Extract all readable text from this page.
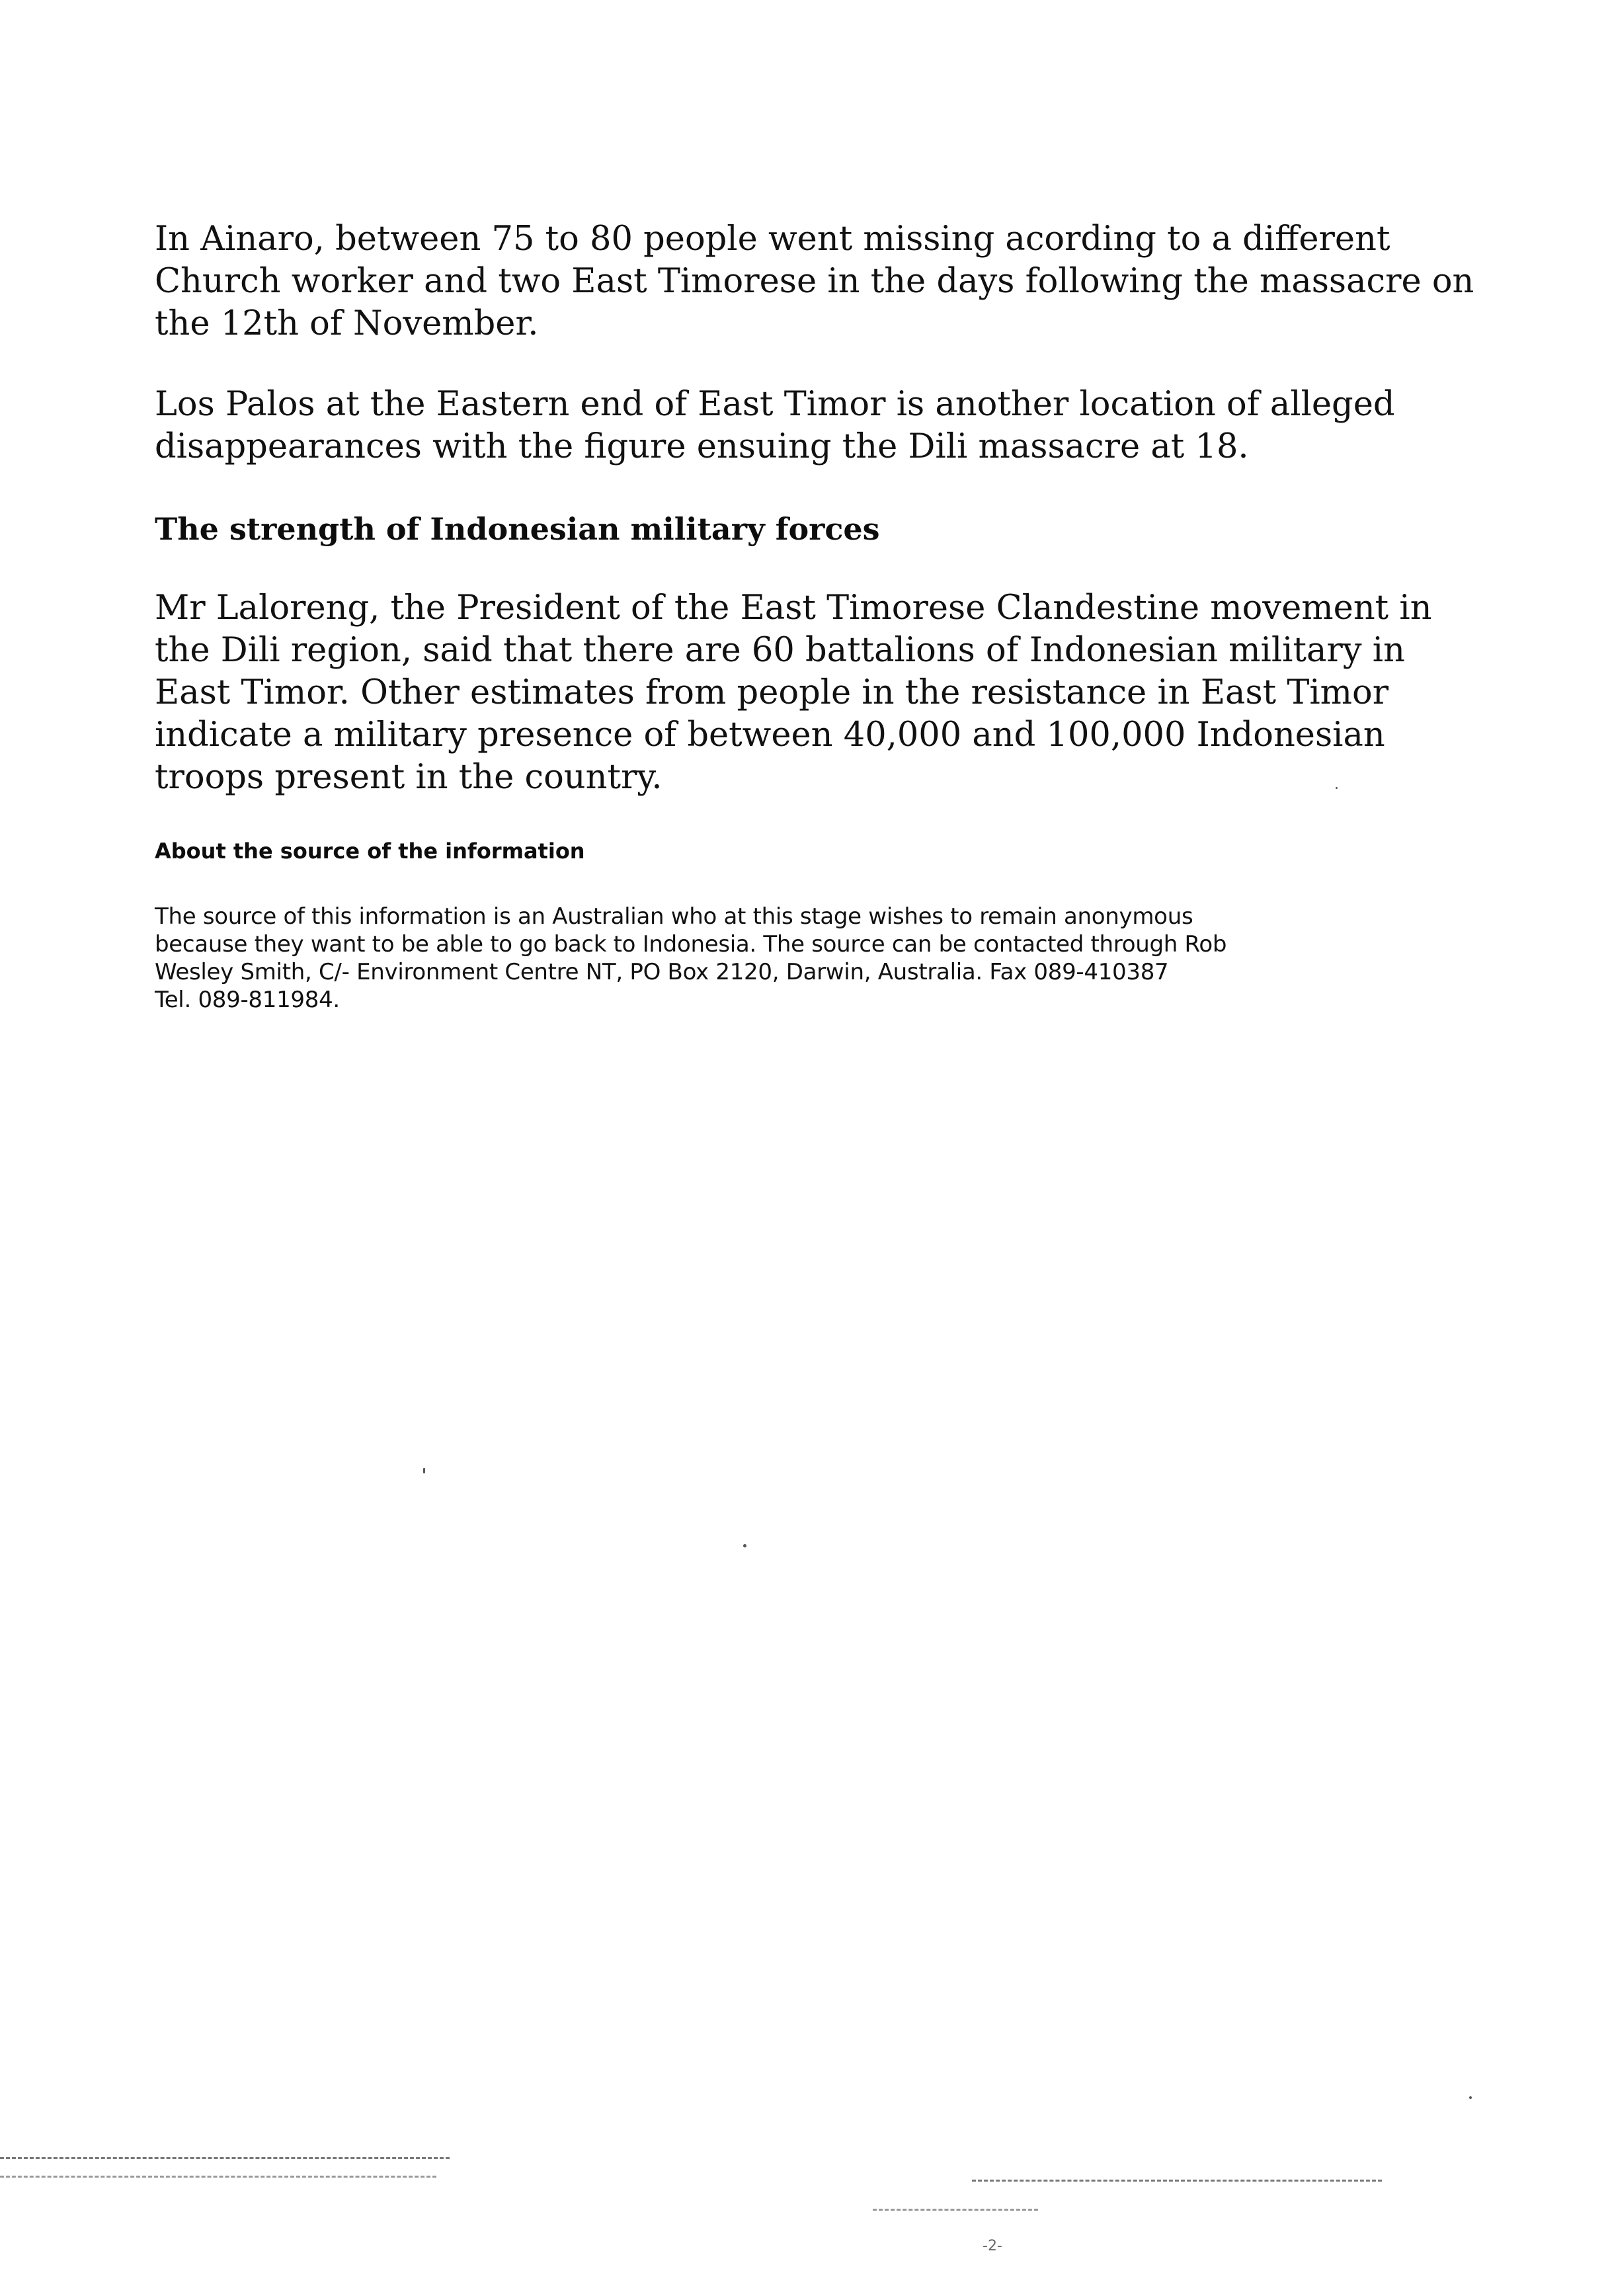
In Ainaro, between 75 to 80 people went missing acording to a different
Church worker and two East Timorese in the days following the massacre on
the 12th of November.

Los Palos at the Eastern end of East Timor is another location of alleged
disappearances with the figure ensuing the Dili massacre at 18.

The strength of Indonesian military forces

Mr Laloreng, the President of the East Timorese Clandestine movement in
the Dili region, said that there are 60 battalions of Indonesian military in
East Timor. Other estimates from people in the resistance in East Timor
indicate a military presence of between 40,000 and 100,000 Indonesian
troops present in the country.

About the source of the information

The source of this information is an Australian who at this stage wishes to remain anonymous
because they want to be able to go back to Indonesia. The source can be contacted through Rob
Wesley Smith, C/- Environment Centre NT, PO Box 2120, Darwin, Australia. Fax 089-410387
Tel. 089-811984.

-2-
